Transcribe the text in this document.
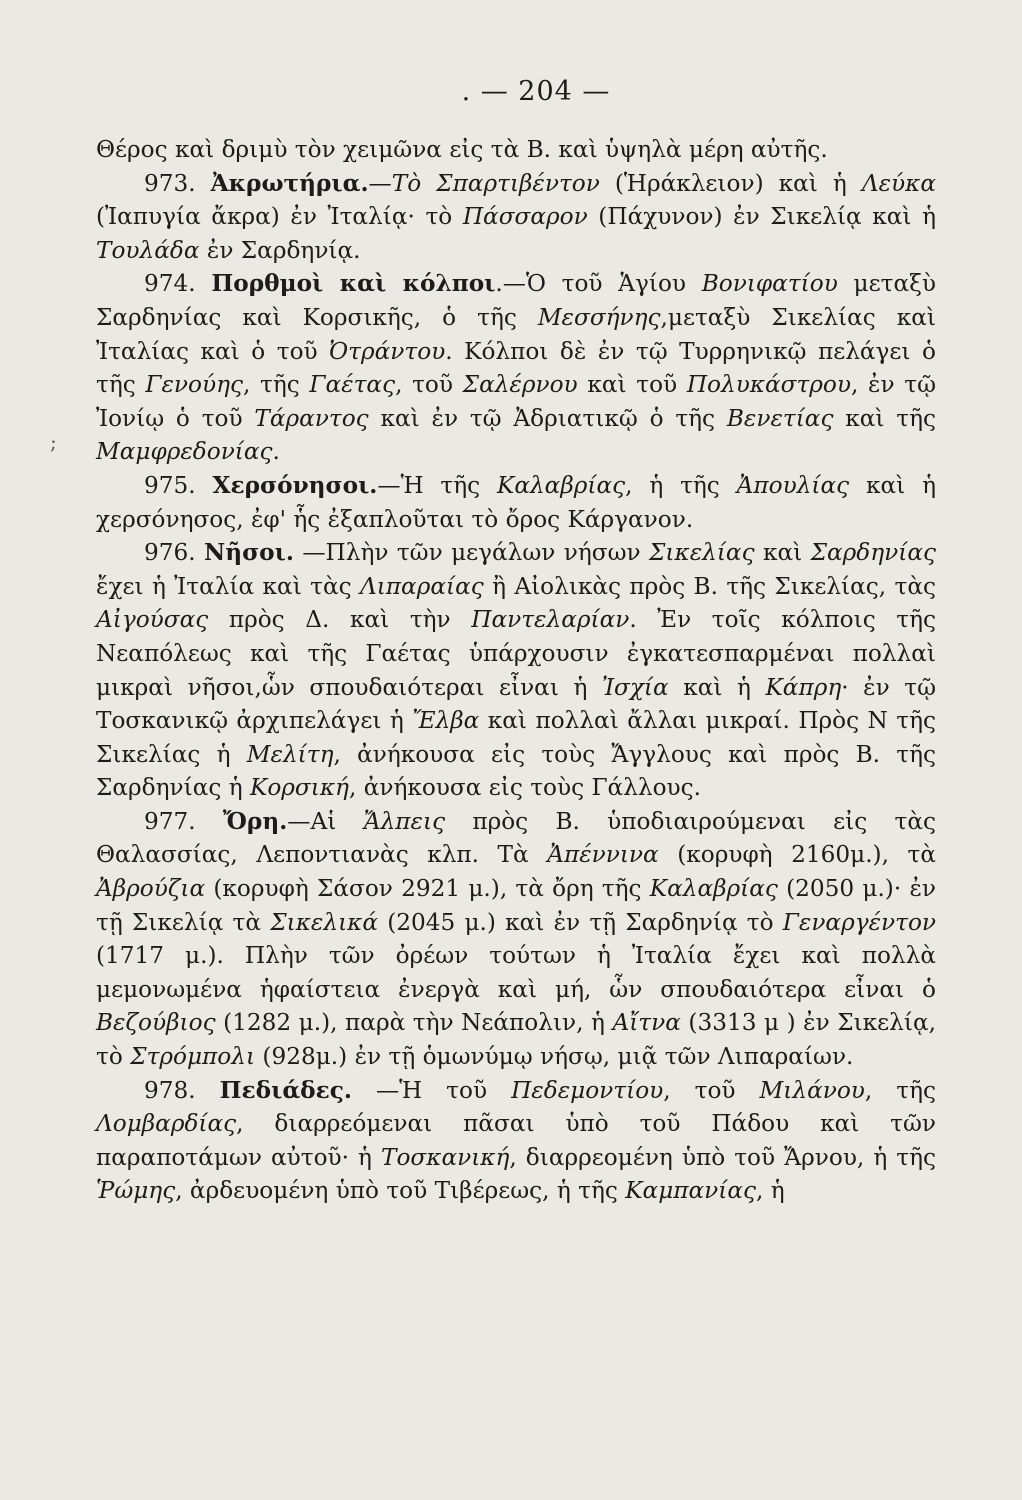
. — 204 —

Θέρος καὶ δριμὺ τὸν χειμῶνα εἰς τὰ Β. καὶ ὑψηλὰ μέρη αὐτῆς.

973. Ἀκρωτήρια.—Τὸ Σπαρτιβέντον (Ἡράκλειον) καὶ ἡ Λεύκα (Ἰαπυγία ἄκρα) ἐν Ἰταλίᾳ· τὸ Πάσσαρον (Πάχυνον) ἐν Σικελίᾳ καὶ ἡ Τουλάδα ἐν Σαρδηνίᾳ.

974. Πορθμοὶ καὶ κόλποι.—Ὁ τοῦ Ἁγίου Βονιφατίου μεταξὺ Σαρδηνίας καὶ Κορσικῆς, ὁ τῆς Μεσσήνης,μεταξὺ Σικελίας καὶ Ἰταλίας καὶ ὁ τοῦ Ὀτράντου. Κόλποι δὲ ἐν τῷ Τυρρηνικῷ πελάγει ὁ τῆς Γενούης, τῆς Γαέτας, τοῦ Σαλέρνου καὶ τοῦ Πολυκάστρου, ἐν τῷ Ἰονίῳ ὁ τοῦ Τάραντος καὶ ἐν τῷ Ἀδριατικῷ ὁ τῆς Βενετίας καὶ τῆς Μαμφρεδονίας.

975. Χερσόνησοι.—Ἡ τῆς Καλαβρίας, ἡ τῆς Ἀπουλίας καὶ ἡ χερσόνησος, ἐφ' ἧς ἐξαπλοῦται τὸ ὄρος Κάργανον.

976. Νῆσοι. —Πλὴν τῶν μεγάλων νήσων Σικελίας καὶ Σαρδηνίας ἔχει ἡ Ἰταλία καὶ τὰς Λιπαραίας ἢ Αἰολικὰς πρὸς Β. τῆς Σικελίας, τὰς Αἰγούσας πρὸς Δ. καὶ τὴν Παντελαρίαν. Ἐν τοῖς κόλποις τῆς Νεαπόλεως καὶ τῆς Γαέτας ὑπάρχουσιν ἐγκατεσπαρμέναι πολλαὶ μικραὶ νῆσοι,ὧν σπουδαιότεραι εἶναι ἡ Ἰσχία καὶ ἡ Κάπρη· ἐν τῷ Τοσκανικῷ ἀρχιπελάγει ἡ Ἔλβα καὶ πολλαὶ ἄλλαι μικραί. Πρὸς Ν τῆς Σικελίας ἡ Μελίτη, ἀνήκουσα εἰς τοὺς Ἄγγλους καὶ πρὸς Β. τῆς Σαρδηνίας ἡ Κορσική, ἀνήκουσα εἰς τοὺς Γάλλους.

977. Ὄρη.—Αἱ Ἄλπεις πρὸς Β. ὑποδιαιρούμεναι εἰς τὰς Θαλασσίας, Λεποντιανὰς κλπ. Τὰ Ἀπέννινα (κορυφὴ 2160μ.), τὰ Ἀβρούζια (κορυφὴ Σάσον 2921 μ.), τὰ ὄρη τῆς Καλαβρίας (2050 μ.)· ἐν τῇ Σικελίᾳ τὰ Σικελικά (2045 μ.) καὶ ἐν τῇ Σαρδηνίᾳ τὸ Γεναργέντον (1717 μ.). Πλὴν τῶν ὀρέων τούτων ἡ Ἰταλία ἔχει καὶ πολλὰ μεμονωμένα ἡφαίστεια ἐνεργὰ καὶ μή, ὧν σπουδαιότερα εἶναι ὁ Βεζούβιος (1282 μ.), παρὰ τὴν Νεάπολιν, ἡ Αἴτνα (3313 μ ) ἐν Σικελίᾳ, τὸ Στρόμπολι (928μ.) ἐν τῇ ὁμωνύμῳ νήσῳ, μιᾷ τῶν Λιπαραίων.

978. Πεδιάδες. —Ἡ τοῦ Πεδεμοντίου, τοῦ Μιλάνου, τῆς Λομβαρδίας, διαρρεόμεναι πᾶσαι ὑπὸ τοῦ Πάδου καὶ τῶν παραποτάμων αὐτοῦ· ἡ Τοσκανική, διαρρεομένη ὑπὸ τοῦ Ἄρνου, ἡ τῆς Ῥώμης, ἀρδευομένη ὑπὸ τοῦ Τιβέρεως, ἡ τῆς Καμπανίας, ἡ

;
